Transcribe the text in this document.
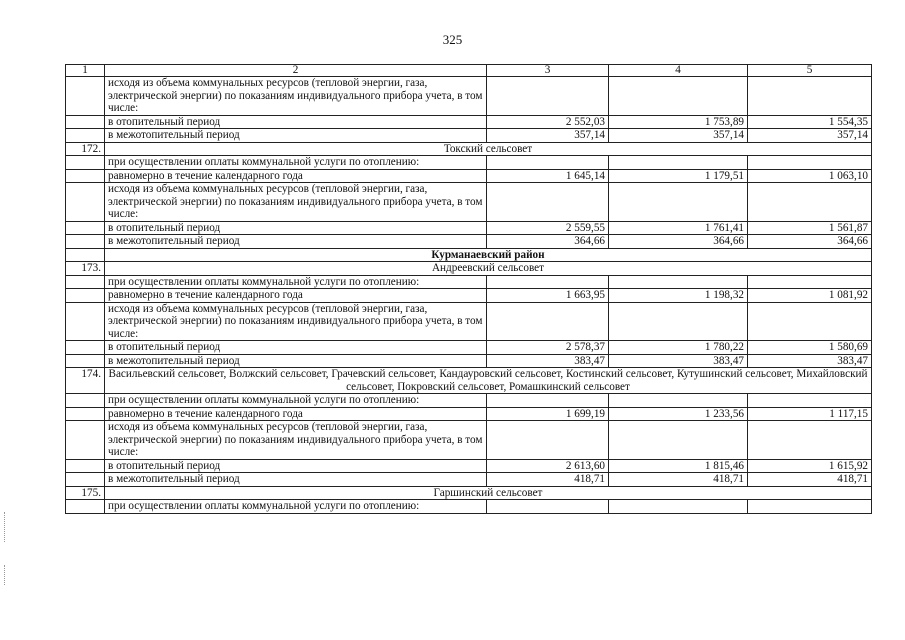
325
1	2	3	4	5
	исходя из объема коммунальных ресурсов (тепловой энергии, газа, электрической энергии) по показаниям индивидуального прибора учета, в том числе:			
	в отопительный период	2 552,03	1 753,89	1 554,35
	в межотопительный период	357,14	357,14	357,14
172.	Токский сельсовет			
	при осуществлении оплаты коммунальной услуги по отоплению:			
	равномерно в течение календарного года	1 645,14	1 179,51	1 063,10
	исходя из объема коммунальных ресурсов (тепловой энергии, газа, электрической энергии) по показаниям индивидуального прибора учета, в том числе:			
	в отопительный период	2 559,55	1 761,41	1 561,87
	в межотопительный период	364,66	364,66	364,66
	Курманаевский район			
173.	Андреевский сельсовет			
	при осуществлении оплаты коммунальной услуги по отоплению:			
	равномерно в течение календарного года	1 663,95	1 198,32	1 081,92
	исходя из объема коммунальных ресурсов (тепловой энергии, газа, электрической энергии) по показаниям индивидуального прибора учета, в том числе:			
	в отопительный период	2 578,37	1 780,22	1 580,69
	в межотопительный период	383,47	383,47	383,47
174.	Васильевский сельсовет, Волжский сельсовет, Грачевский сельсовет, Кандауровский сельсовет, Костинский сельсовет, Кутушинский сельсовет, Михайловский сельсовет, Покровский сельсовет, Ромашкинский сельсовет			
	при осуществлении оплаты коммунальной услуги по отоплению:			
	равномерно в течение календарного года	1 699,19	1 233,56	1 117,15
	исходя из объема коммунальных ресурсов (тепловой энергии, газа, электрической энергии) по показаниям индивидуального прибора учета, в том числе:			
	в отопительный период	2 613,60	1 815,46	1 615,92
	в межотопительный период	418,71	418,71	418,71
175.	Гаршинский сельсовет			
	при осуществлении оплаты коммунальной услуги по отоплению:			
